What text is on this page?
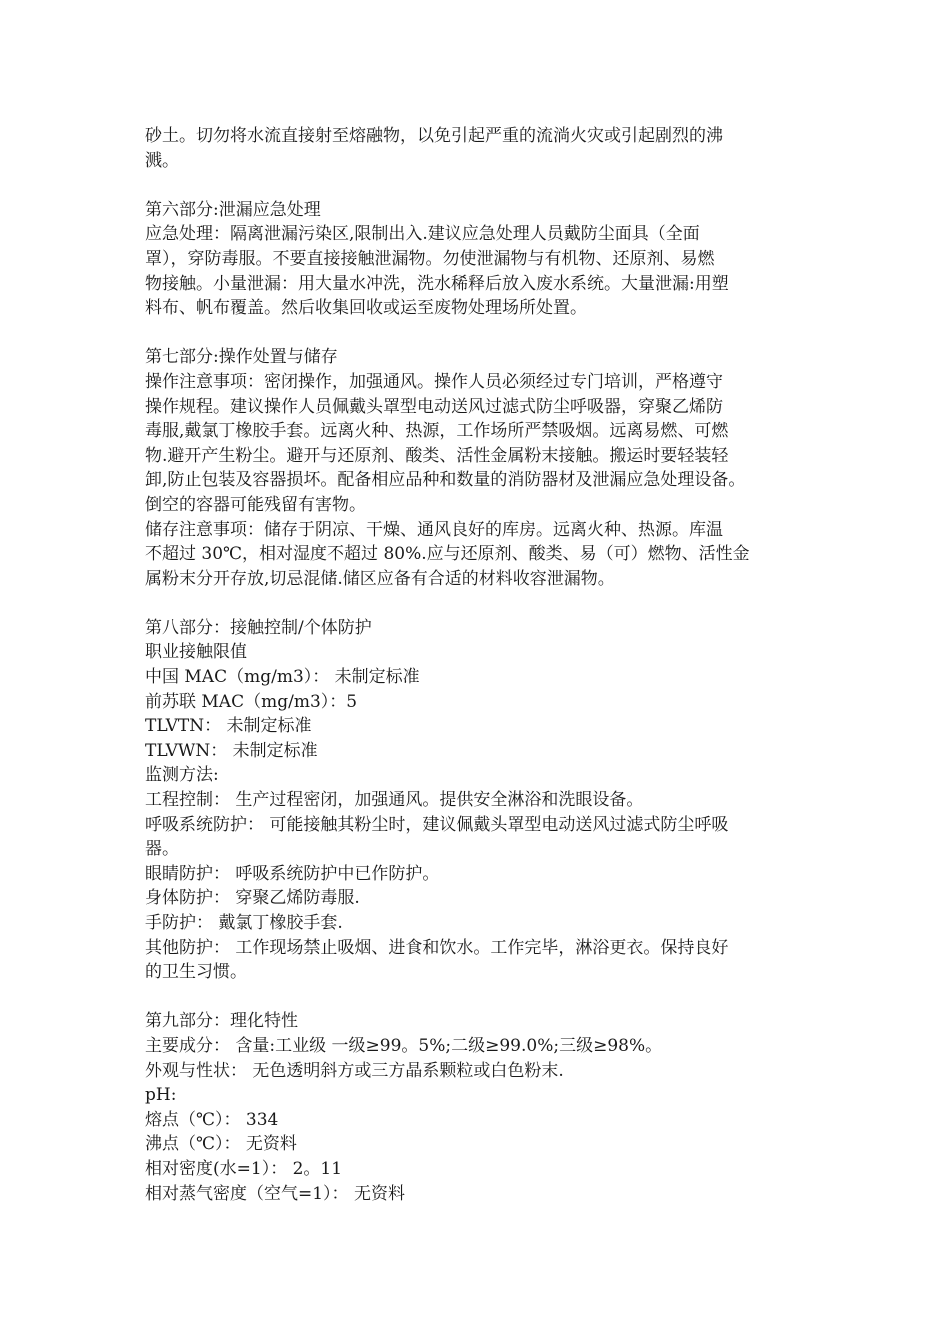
砂土。切勿将水流直接射至熔融物，以免引起严重的流淌火灾或引起剧烈的沸
溅。
第六部分:泄漏应急处理
应急处理：隔离泄漏污染区,限制出入.建议应急处理人员戴防尘面具（全面
罩），穿防毒服。不要直接接触泄漏物。勿使泄漏物与有机物、还原剂、易燃
物接触。小量泄漏：用大量水冲洗，洗水稀释后放入废水系统。大量泄漏:用塑
料布、帆布覆盖。然后收集回收或运至废物处理场所处置。
第七部分:操作处置与储存
操作注意事项：密闭操作，加强通风。操作人员必须经过专门培训，严格遵守
操作规程。建议操作人员佩戴头罩型电动送风过滤式防尘呼吸器，穿聚乙烯防
毒服,戴氯丁橡胶手套。远离火种、热源，工作场所严禁吸烟。远离易燃、可燃
物.避开产生粉尘。避开与还原剂、酸类、活性金属粉末接触。搬运时要轻装轻
卸,防止包装及容器损坏。配备相应品种和数量的消防器材及泄漏应急处理设备。
倒空的容器可能残留有害物。
储存注意事项：储存于阴凉、干燥、通风良好的库房。远离火种、热源。库温
不超过 30℃，相对湿度不超过 80%.应与还原剂、酸类、易（可）燃物、活性金
属粉末分开存放,切忌混储.储区应备有合适的材料收容泄漏物。
第八部分：接触控制/个体防护
职业接触限值
中国 MAC（mg/m3）： 未制定标准
前苏联 MAC（mg/m3）：5
TLVTN： 未制定标准
TLVWN： 未制定标准
监测方法:
工程控制： 生产过程密闭，加强通风。提供安全淋浴和洗眼设备。
呼吸系统防护： 可能接触其粉尘时，建议佩戴头罩型电动送风过滤式防尘呼吸
器。
眼睛防护： 呼吸系统防护中已作防护。
身体防护： 穿聚乙烯防毒服.
手防护： 戴氯丁橡胶手套.
其他防护： 工作现场禁止吸烟、进食和饮水。工作完毕，淋浴更衣。保持良好
的卫生习惯。
第九部分：理化特性
主要成分： 含量:工业级 一级≥99。5%;二级≥99.0%;三级≥98%。
外观与性状： 无色透明斜方或三方晶系颗粒或白色粉末.
pH:
熔点（℃）： 334
沸点（℃）： 无资料
相对密度(水=1）： 2。11
相对蒸气密度（空气=1）： 无资料
